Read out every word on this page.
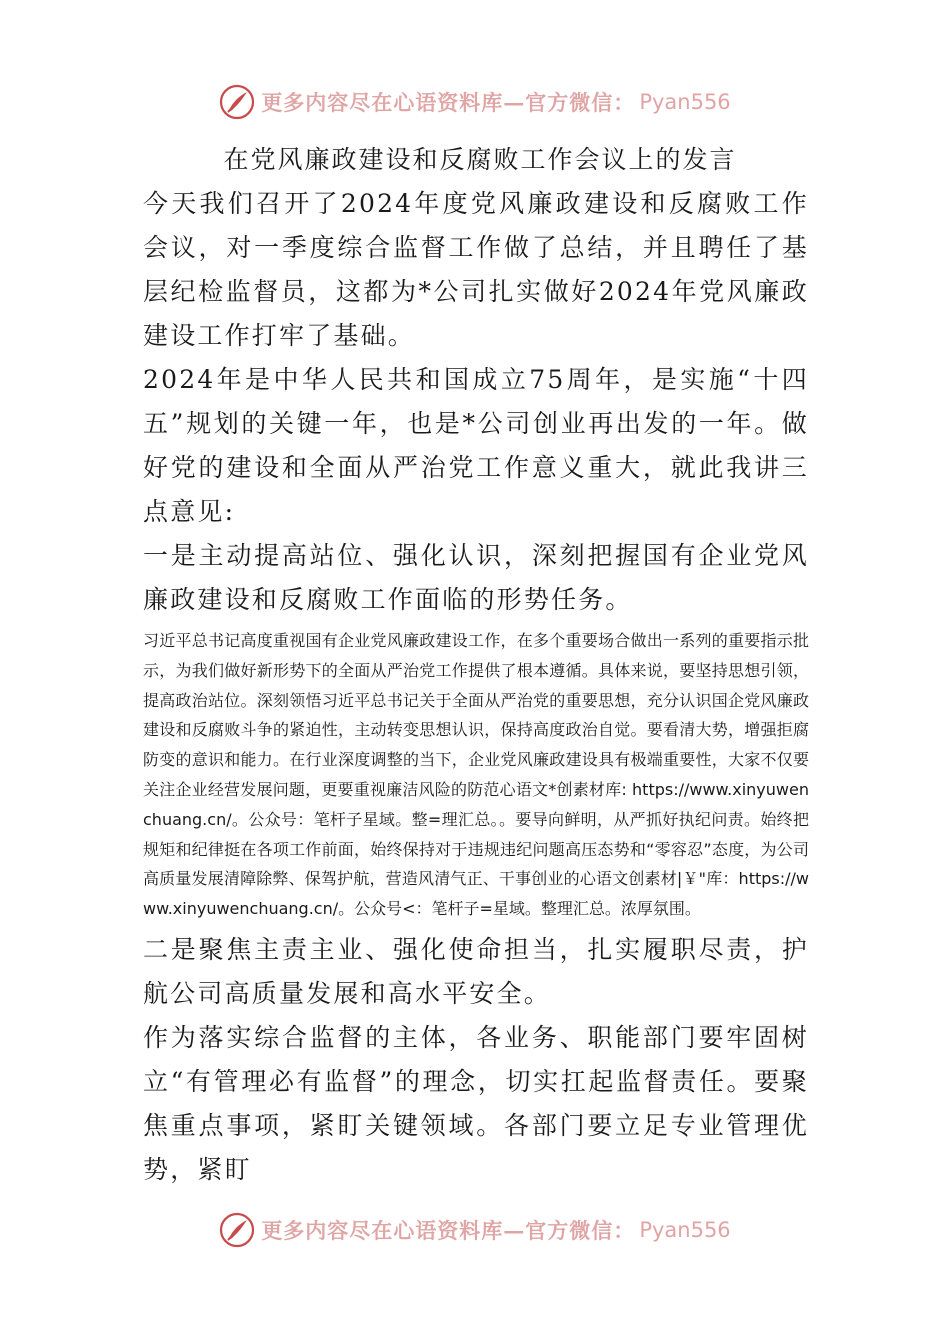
更多内容尽在心语资料库—官方微信： Pyan556
在党风廉政建设和反腐败工作会议上的发言

今天我们召开了2024年度党风廉政建设和反腐败工作会议，对一季度综合监督工作做了总结，并且聘任了基层纪检监督员，这都为*公司扎实做好2024年党风廉政建设工作打牢了基础。

2024年是中华人民共和国成立75周年，是实施“十四五”规划的关键一年，也是*公司创业再出发的一年。做好党的建设和全面从严治党工作意义重大，就此我讲三点意见:

一是主动提高站位、强化认识，深刻把握国有企业党风廉政建设和反腐败工作面临的形势任务。

习近平总书记高度重视国有企业党风廉政建设工作，在多个重要场合做出一系列的重要指示批示，为我们做好新形势下的全面从严治党工作提供了根本遵循。具体来说，要坚持思想引领，提高政治站位。深刻领悟习近平总书记关于全面从严治党的重要思想，充分认识国企党风廉政建设和反腐败斗争的紧迫性，主动转变思想认识，保持高度政治自觉。要看清大势，增强拒腐防变的意识和能力。在行业深度调整的当下，企业党风廉政建设具有极端重要性，大家不仅要关注企业经营发展问题，更要重视廉洁风险的防范心语文*创素材库: https://www.xinyuwenchuang.cn/。公众号：笔杆子星域。整=理汇总。。要导向鲜明，从严抓好执纪问责。始终把规矩和纪律挺在各项工作前面，始终保持对于违规违纪问题高压态势和“零容忍”态度，为公司高质量发展清障除弊、保驾护航，营造风清气正、干事创业的心语文创素材|￥"库：https://www.xinyuwenchuang.cn/。公众号<：笔杆子=星域。整理汇总。浓厚氛围。

二是聚焦主责主业、强化使命担当，扎实履职尽责，护航公司高质量发展和高水平安全。

作为落实综合监督的主体，各业务、职能部门要牢固树立“有管理必有监督”的理念，切实扛起监督责任。要聚焦重点事项，紧盯关键领域。各部门要立足专业管理优势，紧盯

更多内容尽在心语资料库—官方微信： Pyan556
